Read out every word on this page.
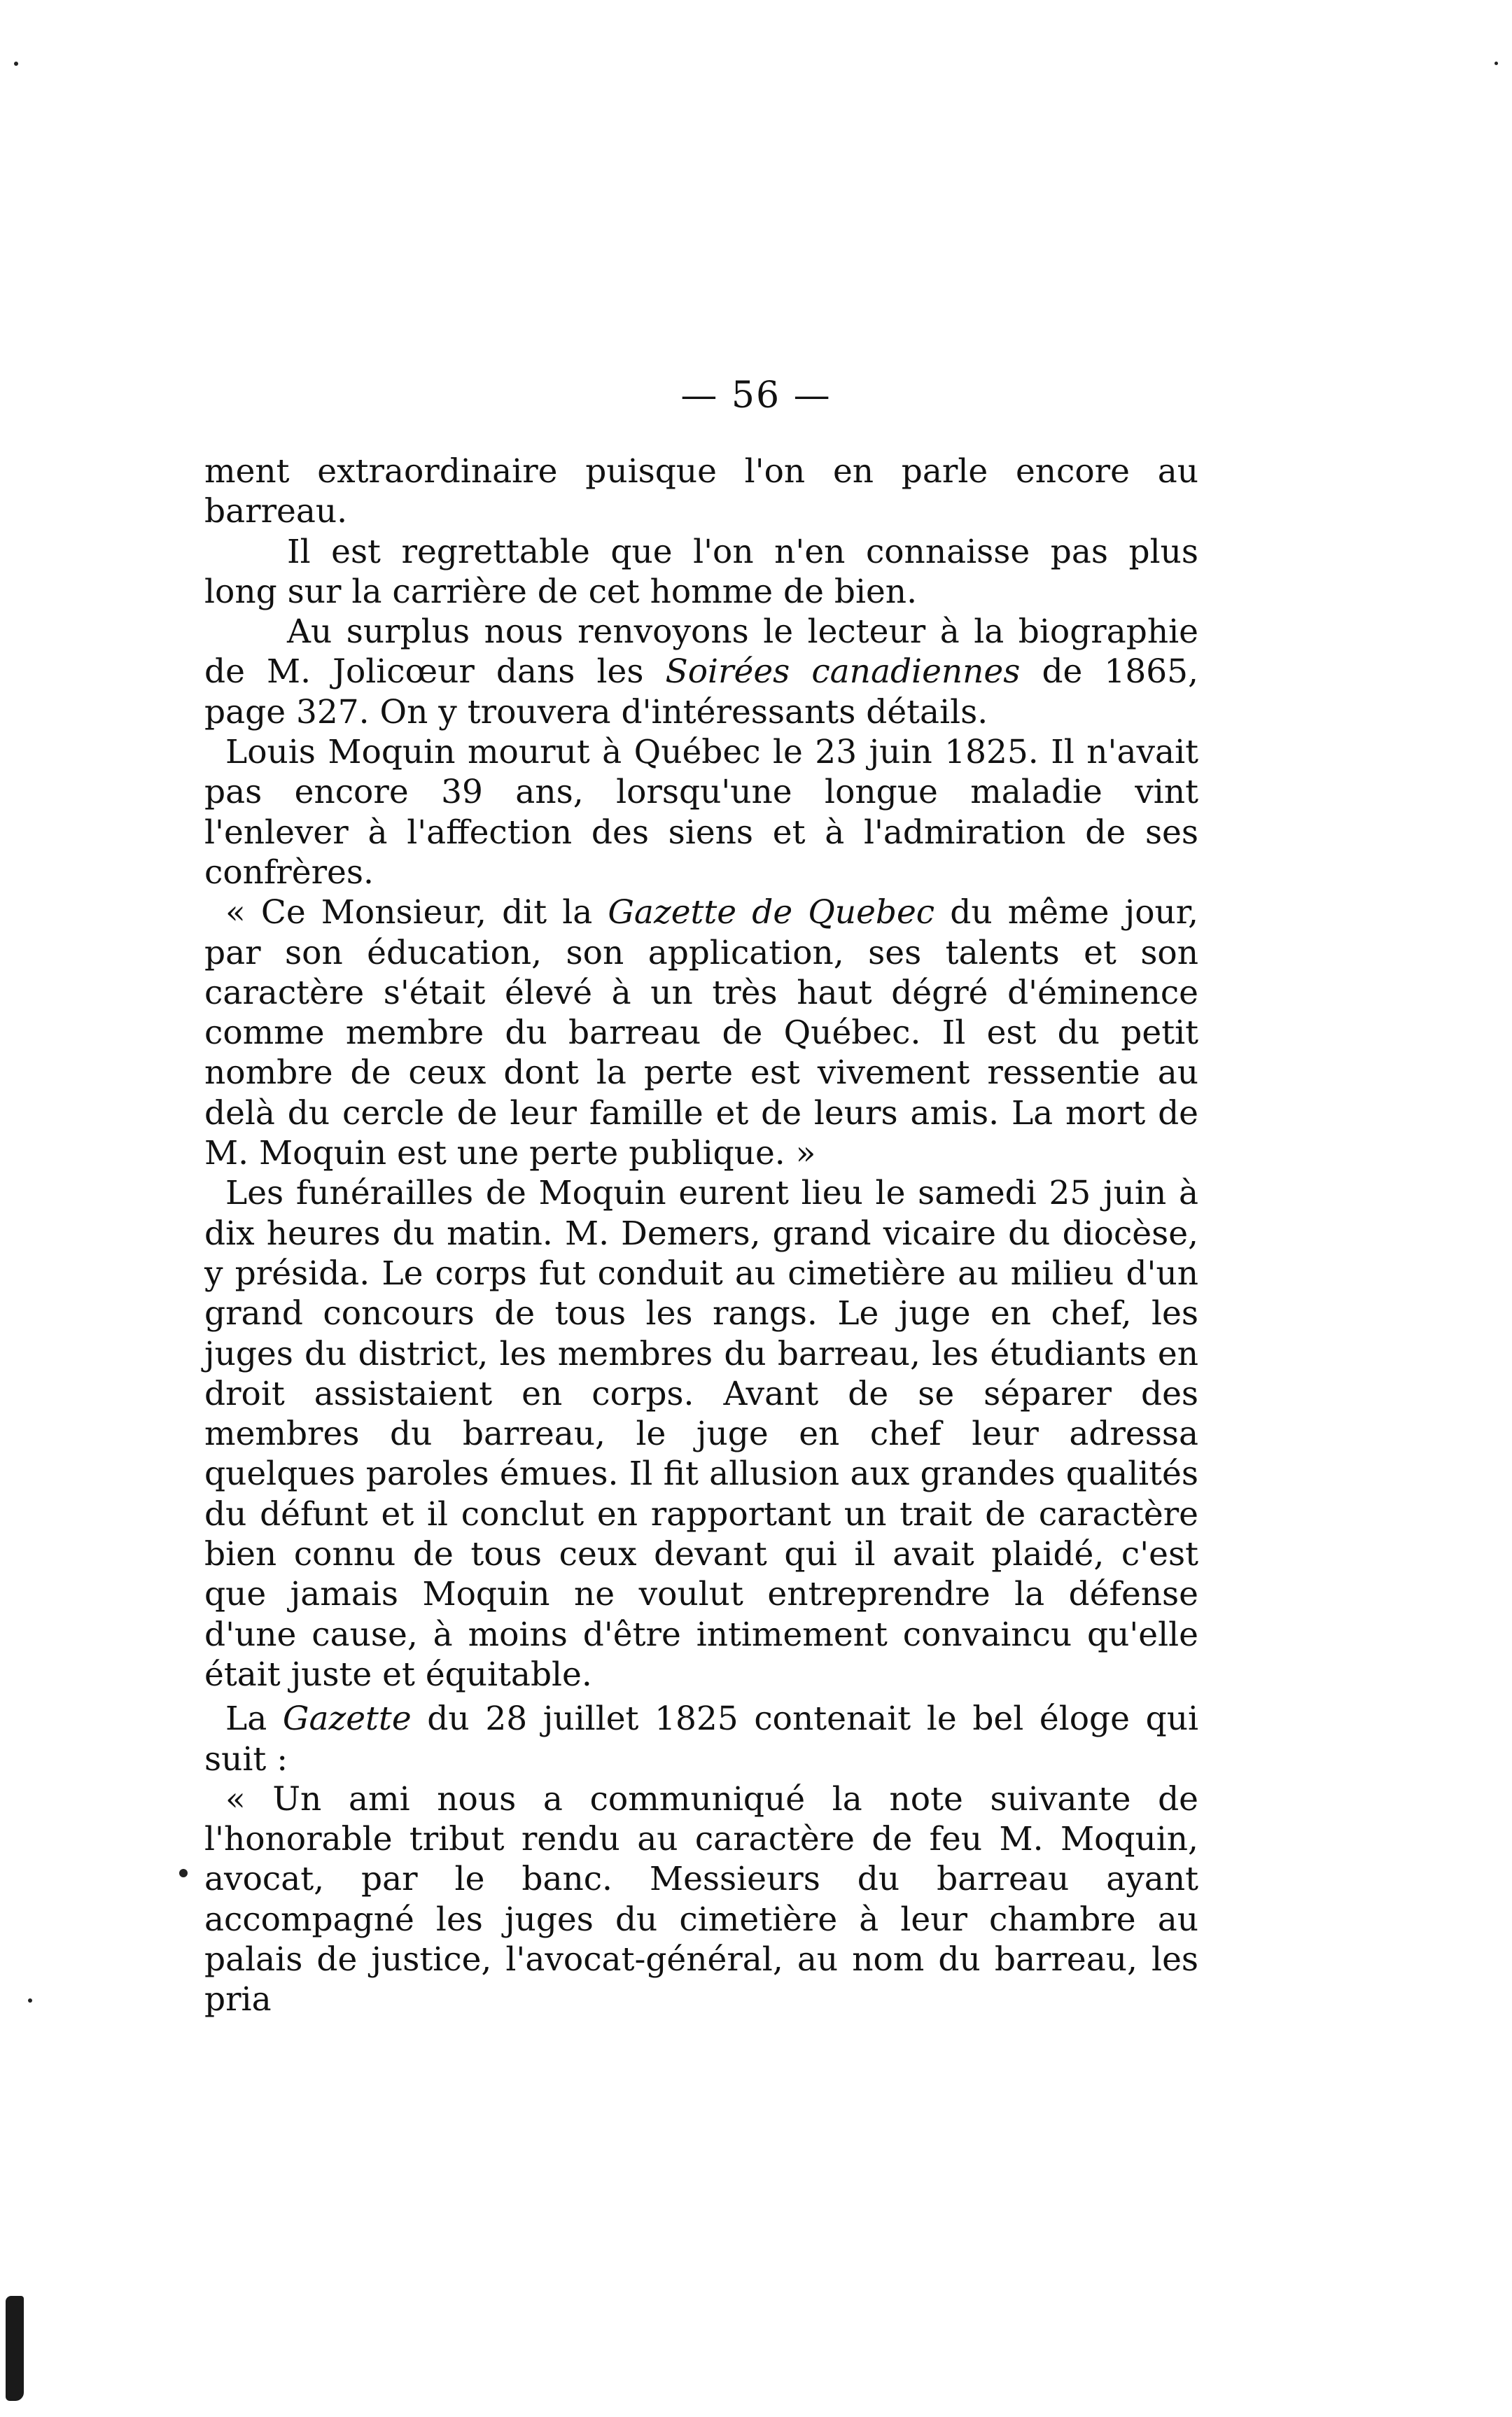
— 56 —

ment extraordinaire puisque l'on en parle encore au barreau.

Il est regrettable que l'on n'en connaisse pas plus long sur la carrière de cet homme de bien.

Au surplus nous renvoyons le lecteur à la biographie de M. Jolicœur dans les Soirées canadiennes de 1865, page 327. On y trouvera d'intéressants détails.

Louis Moquin mourut à Québec le 23 juin 1825. Il n'avait pas encore 39 ans, lorsqu'une longue maladie vint l'enlever à l'affection des siens et à l'admiration de ses confrères.

« Ce Monsieur, dit la Gazette de Quebec du même jour, par son éducation, son application, ses talents et son caractère s'était élevé à un très haut dégré d'éminence comme membre du barreau de Québec. Il est du petit nombre de ceux dont la perte est vivement ressentie au delà du cercle de leur famille et de leurs amis. La mort de M. Moquin est une perte publique. »

Les funérailles de Moquin eurent lieu le samedi 25 juin à dix heures du matin. M. Demers, grand vicaire du diocèse, y présida. Le corps fut conduit au cimetière au milieu d'un grand concours de tous les rangs. Le juge en chef, les juges du district, les membres du barreau, les étudiants en droit assistaient en corps. Avant de se séparer des membres du barreau, le juge en chef leur adressa quelques paroles émues. Il fit allusion aux grandes qualités du défunt et il conclut en rapportant un trait de caractère bien connu de tous ceux devant qui il avait plaidé, c'est que jamais Moquin ne voulut entreprendre la défense d'une cause, à moins d'être intimement convaincu qu'elle était juste et équitable.

La Gazette du 28 juillet 1825 contenait le bel éloge qui suit :

« Un ami nous a communiqué la note suivante de l'honorable tribut rendu au caractère de feu M. Moquin, avocat, par le banc. Messieurs du barreau ayant accompagné les juges du cimetière à leur chambre au palais de justice, l'avocat-général, au nom du barreau, les pria
